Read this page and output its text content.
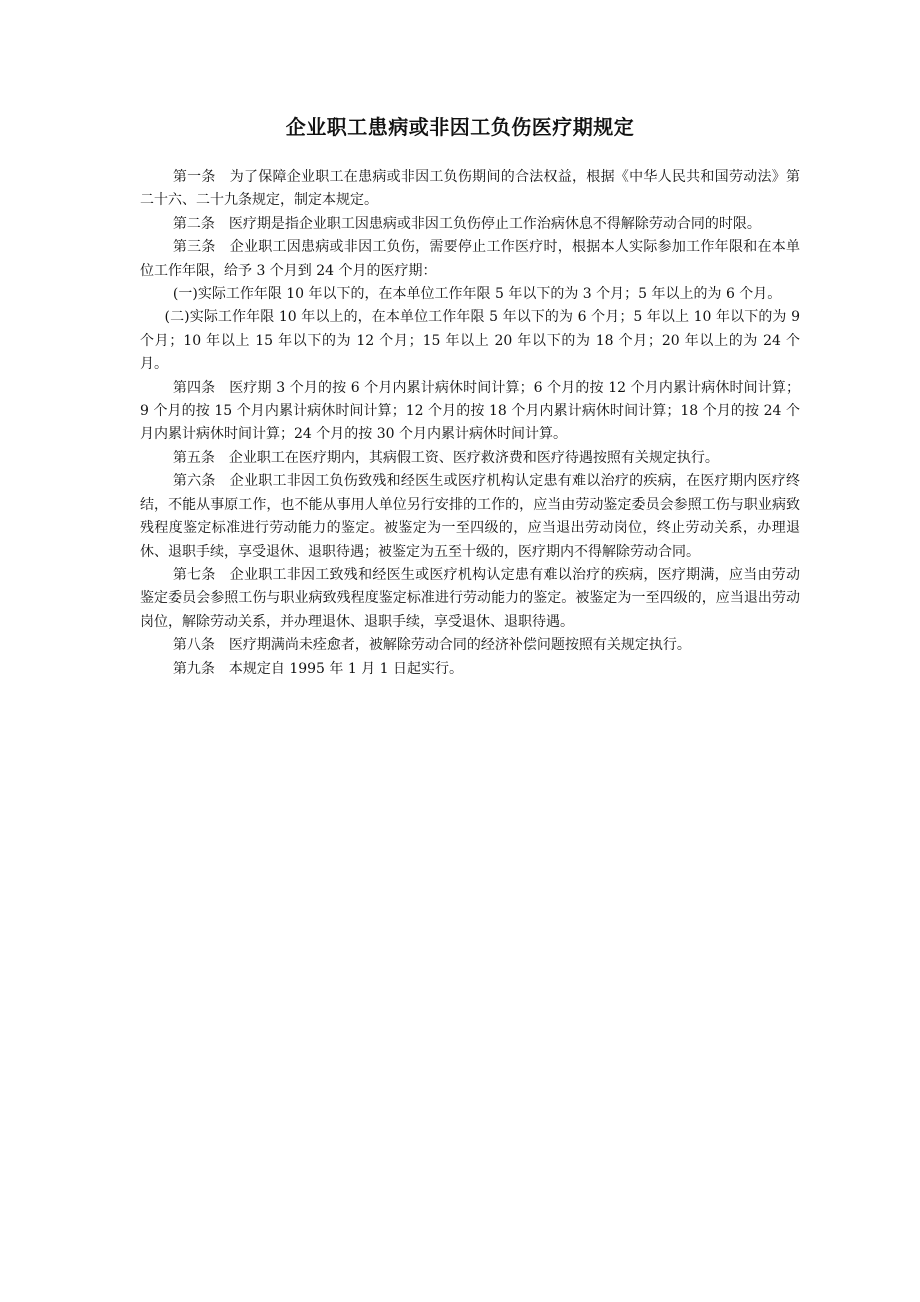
企业职工患病或非因工负伤医疗期规定

第一条 为了保障企业职工在患病或非因工负伤期间的合法权益，根据《中华人民共和国劳动法》第二十六、二十九条规定，制定本规定。

第二条 医疗期是指企业职工因患病或非因工负伤停止工作治病休息不得解除劳动合同的时限。

第三条 企业职工因患病或非因工负伤，需要停止工作医疗时，根据本人实际参加工作年限和在本单位工作年限，给予 3 个月到 24 个月的医疗期：

(一)实际工作年限 10 年以下的，在本单位工作年限 5 年以下的为 3 个月；5 年以上的为 6 个月。

(二)实际工作年限 10 年以上的，在本单位工作年限 5 年以下的为 6 个月；5 年以上 10 年以下的为 9 个月；10 年以上 15 年以下的为 12 个月；15 年以上 20 年以下的为 18 个月；20 年以上的为 24 个月。

第四条 医疗期 3 个月的按 6 个月内累计病休时间计算；6 个月的按 12 个月内累计病休时间计算；9 个月的按 15 个月内累计病休时间计算；12 个月的按 18 个月内累计病休时间计算；18 个月的按 24 个月内累计病休时间计算；24 个月的按 30 个月内累计病休时间计算。

第五条 企业职工在医疗期内，其病假工资、医疗救济费和医疗待遇按照有关规定执行。

第六条 企业职工非因工负伤致残和经医生或医疗机构认定患有难以治疗的疾病，在医疗期内医疗终结，不能从事原工作，也不能从事用人单位另行安排的工作的，应当由劳动鉴定委员会参照工伤与职业病致残程度鉴定标准进行劳动能力的鉴定。被鉴定为一至四级的，应当退出劳动岗位，终止劳动关系，办理退休、退职手续，享受退休、退职待遇；被鉴定为五至十级的，医疗期内不得解除劳动合同。

第七条 企业职工非因工致残和经医生或医疗机构认定患有难以治疗的疾病，医疗期满，应当由劳动鉴定委员会参照工伤与职业病致残程度鉴定标准进行劳动能力的鉴定。被鉴定为一至四级的，应当退出劳动岗位，解除劳动关系，并办理退休、退职手续，享受退休、退职待遇。

第八条 医疗期满尚未痊愈者，被解除劳动合同的经济补偿问题按照有关规定执行。

第九条 本规定自 1995 年 1 月 1 日起实行。
